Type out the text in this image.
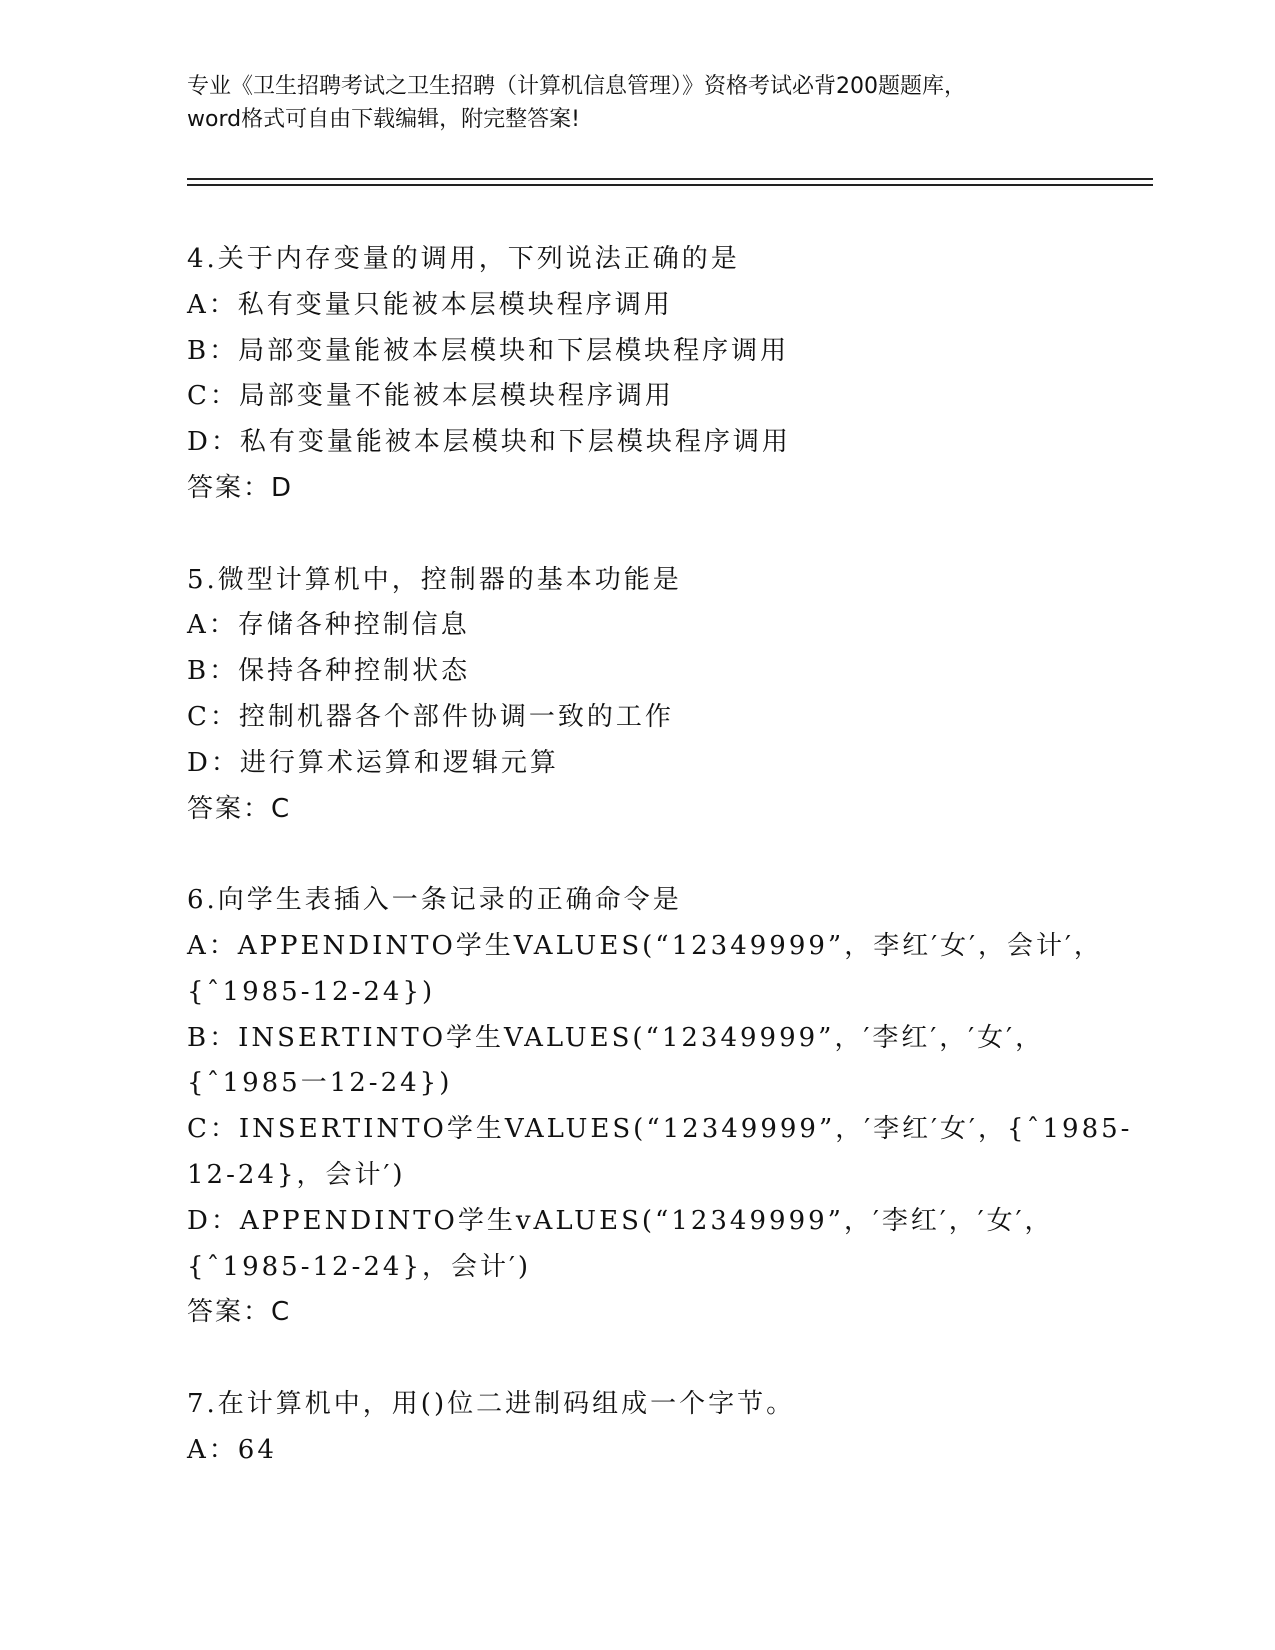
专业《卫生招聘考试之卫生招聘（计算机信息管理）》资格考试必背200题题库，
word格式可自由下载编辑，附完整答案!
4.关于内存变量的调用，下列说法正确的是
A：私有变量只能被本层模块程序调用
B：局部变量能被本层模块和下层模块程序调用
C：局部变量不能被本层模块程序调用
D：私有变量能被本层模块和下层模块程序调用
答案：D
5.微型计算机中，控制器的基本功能是
A：存储各种控制信息
B：保持各种控制状态
C：控制机器各个部件协调一致的工作
D：进行算术运算和逻辑元算
答案：C
6.向学生表插入一条记录的正确命令是
A：APPENDINTO学生VALUES(“12349999”，李红′女′，会计′，
{ˆ1985-12-24})
B：INSERTINTO学生VALUES(“12349999”，′李红′，′女′，
{ˆ1985一12-24})
C：INSERTINTO学生VALUES(“12349999”，′李红′女′，{ˆ1985-
12-24}，会计′)
D：APPENDINTO学生vALUES(“12349999”，′李红′，′女′，
{ˆ1985-12-24}，会计′)
答案：C
7.在计算机中，用()位二进制码组成一个字节。
A：64
